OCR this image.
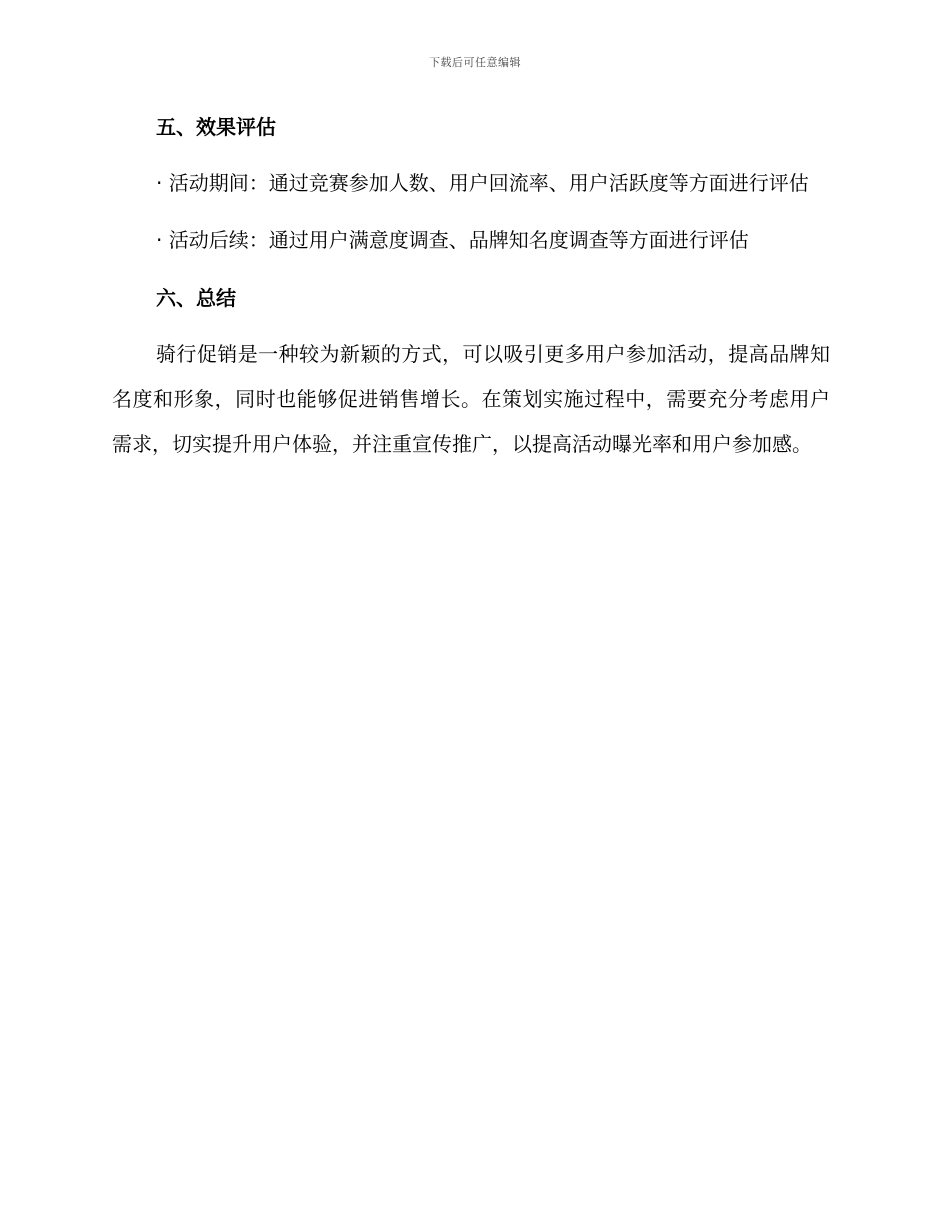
下载后可任意编辑
五、效果评估

· 活动期间：通过竞赛参加人数、用户回流率、用户活跃度等方面进行评估

· 活动后续：通过用户满意度调查、品牌知名度调查等方面进行评估

六、总结

骑行促销是一种较为新颖的方式，可以吸引更多用户参加活动，提高品牌知名度和形象，同时也能够促进销售增长。在策划实施过程中，需要充分考虑用户需求，切实提升用户体验，并注重宣传推广，以提高活动曝光率和用户参加感。
